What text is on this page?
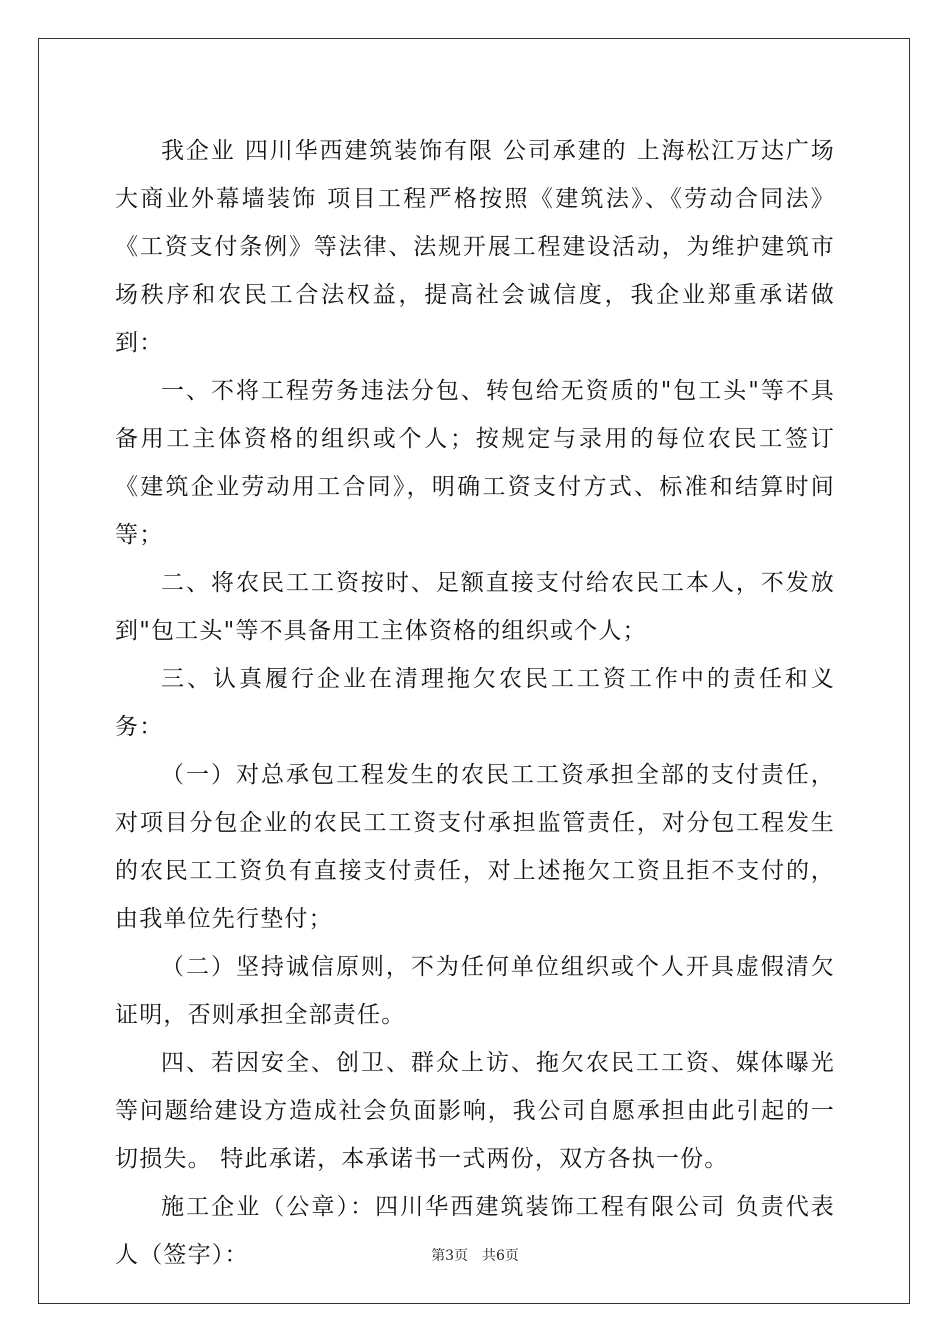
我企业 四川华西建筑装饰有限 公司承建的 上海松江万达广场大商业外幕墙装饰 项目工程严格按照《建筑法》、《劳动合同法》《工资支付条例》等法律、法规开展工程建设活动，为维护建筑市场秩序和农民工合法权益，提高社会诚信度，我企业郑重承诺做到：

一、不将工程劳务违法分包、转包给无资质的"包工头"等不具备用工主体资格的组织或个人；按规定与录用的每位农民工签订《建筑企业劳动用工合同》，明确工资支付方式、标准和结算时间等；

二、将农民工工资按时、足额直接支付给农民工本人，不发放到"包工头"等不具备用工主体资格的组织或个人；

三、认真履行企业在清理拖欠农民工工资工作中的责任和义务：

（一）对总承包工程发生的农民工工资承担全部的支付责任，对项目分包企业的农民工工资支付承担监管责任，对分包工程发生的农民工工资负有直接支付责任，对上述拖欠工资且拒不支付的，由我单位先行垫付；

（二）坚持诚信原则，不为任何单位组织或个人开具虚假清欠证明，否则承担全部责任。

四、若因安全、创卫、群众上访、拖欠农民工工资、媒体曝光等问题给建设方造成社会负面影响，我公司自愿承担由此引起的一切损失。 特此承诺，本承诺书一式两份，双方各执一份。

施工企业（公章）：四川华西建筑装饰工程有限公司 负责代表人（签字）：	第3页　共6页
